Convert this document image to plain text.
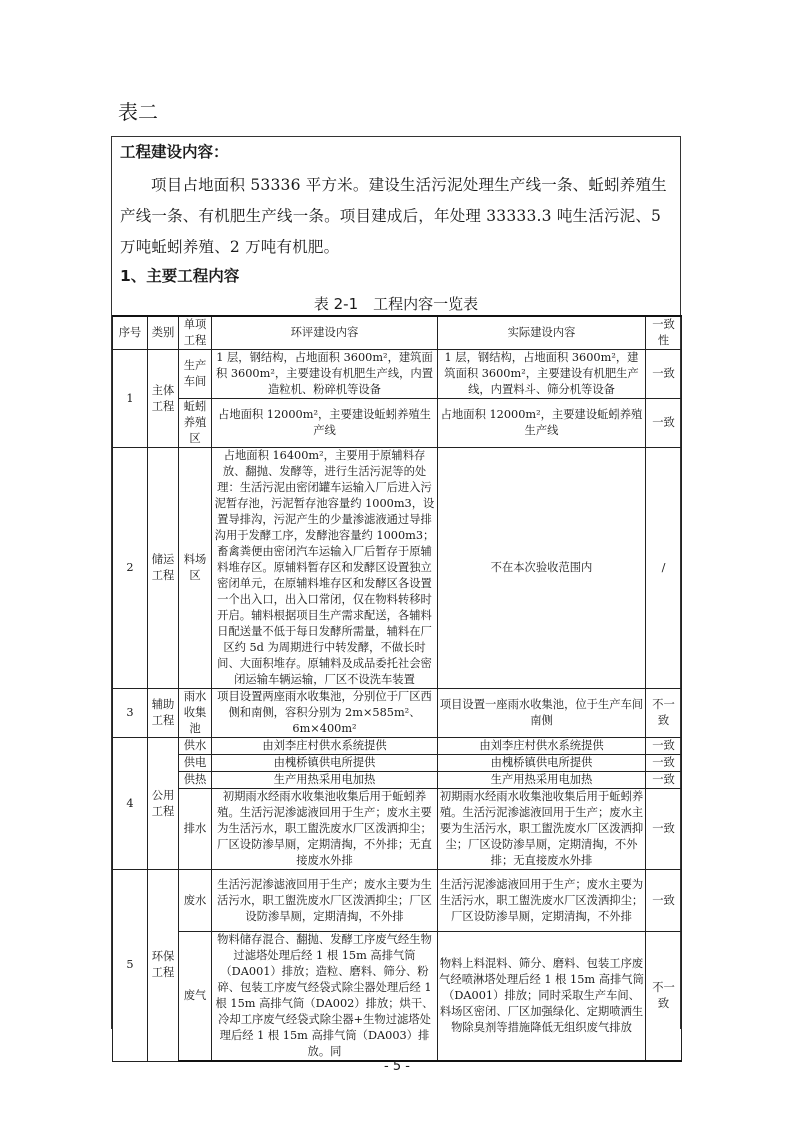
表二
工程建设内容：
项目占地面积 53336 平方米。建设生活污泥处理生产线一条、蚯蚓养殖生产线一条、有机肥生产线一条。项目建成后，年处理 33333.3 吨生活污泥、5 万吨蚯蚓养殖、2 万吨有机肥。
1、主要工程内容
表 2-1　工程内容一览表
序号	类别	单项工程	环评建设内容	实际建设内容	一致性
1	主体工程	生产车间	1 层，钢结构，占地面积 3600m²，建筑面积 3600m²，主要建设有机肥生产线，内置造粒机、粉碎机等设备	1 层，钢结构，占地面积 3600m²，建筑面积 3600m²，主要建设有机肥生产线，内置料斗、筛分机等设备	一致
		蚯蚓养殖区	占地面积 12000m²，主要建设蚯蚓养殖生产线	占地面积 12000m²，主要建设蚯蚓养殖生产线	一致
2	储运工程	料场区	占地面积 16400m²，主要用于原辅料存放、翻抛、发酵等，进行生活污泥等的处理：生活污泥由密闭罐车运输入厂后进入污泥暂存池，污泥暂存池容量约 1000m3，设置导排沟，污泥产生的少量渗滤液通过导排沟用于发酵工序，发酵池容量约 1000m3；畜禽粪便由密闭汽车运输入厂后暂存于原辅料堆存区。原辅料暂存区和发酵区设置独立密闭单元，在原辅料堆存区和发酵区各设置一个出入口，出入口常闭，仅在物料转移时开启。辅料根据项目生产需求配送，各辅料日配送量不低于每日发酵所需量，辅料在厂区约 5d 为周期进行中转发酵，不做长时间、大面积堆存。原辅料及成品委托社会密闭运输车辆运输，厂区不设洗车装置	不在本次验收范围内	/
3	辅助工程	雨水收集池	项目设置两座雨水收集池，分别位于厂区西侧和南侧，容积分别为 2m×585m²、6m×400m²	项目设置一座雨水收集池，位于生产车间南侧	不一致
4	公用工程	供水	由刘李庄村供水系统提供	由刘李庄村供水系统提供	一致
		供电	由槐桥镇供电所提供	由槐桥镇供电所提供	一致
		供热	生产用热采用电加热	生产用热采用电加热	一致
		排水	初期雨水经雨水收集池收集后用于蚯蚓养殖。生活污泥渗滤液回用于生产；废水主要为生活污水，职工盥洗废水厂区泼洒抑尘；厂区设防渗旱厕，定期清掏，不外排；无直接废水外排	初期雨水经雨水收集池收集后用于蚯蚓养殖。生活污泥渗滤液回用于生产；废水主要为生活污水，职工盥洗废水厂区泼洒抑尘；厂区设防渗旱厕，定期清掏，不外排；无直接废水外排	一致
5	环保工程	废水	生活污泥渗滤液回用于生产；废水主要为生活污水，职工盥洗废水厂区泼洒抑尘；厂区设防渗旱厕，定期清掏，不外排	生活污泥渗滤液回用于生产；废水主要为生活污水，职工盥洗废水厂区泼洒抑尘；厂区设防渗旱厕，定期清掏，不外排	一致
		废气	物料储存混合、翻抛、发酵工序废气经生物过滤塔处理后经 1 根 15m 高排气筒（DA001）排放；造粒、磨料、筛分、粉碎、包装工序废气经袋式除尘器处理后经 1 根 15m 高排气筒（DA002）排放；烘干、冷却工序废气经袋式除尘器+生物过滤塔处理后经 1 根 15m 高排气筒（DA003）排放。同	物料上料混料、筛分、磨料、包装工序废气经喷淋塔处理后经 1 根 15m 高排气筒（DA001）排放；同时采取生产车间、料场区密闭、厂区加强绿化、定期喷洒生物除臭剂等措施降低无组织废气排放	不一致
- 5 -
